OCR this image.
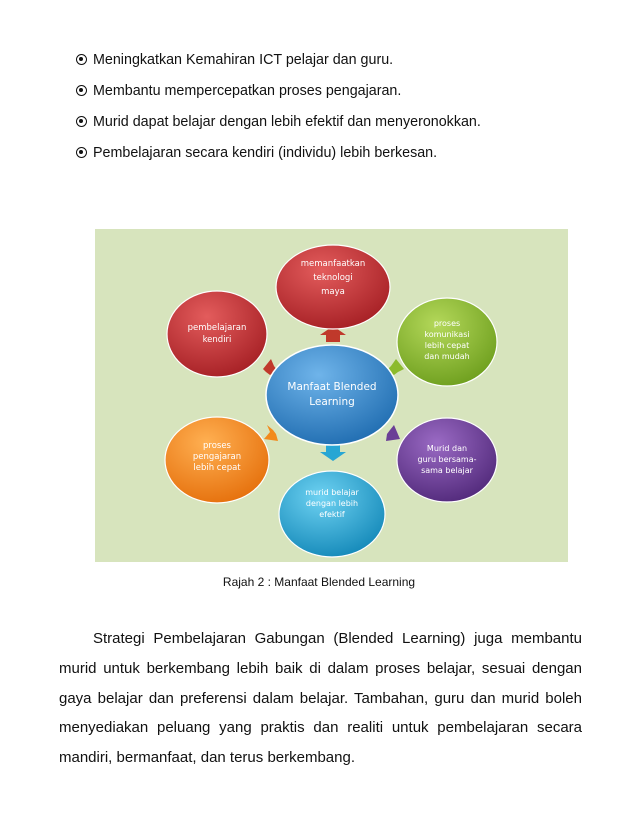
Meningkatkan Kemahiran ICT pelajar dan guru.
Membantu mempercepatkan proses pengajaran.
Murid dapat belajar dengan lebih efektif dan menyeronokkan.
Pembelajaran secara kendiri (individu) lebih berkesan.
Manfaat Blended
Learning
memanfaatkan
teknologi
maya
proses
komunikasi
lebih cepat
dan mudah
Murid dan
guru bersama-
sama belajar
murid belajar
dengan lebih
efektif
proses
pengajaran
lebih cepat
pembelajaran
kendiri
Rajah 2 : Manfaat Blended Learning
Strategi Pembelajaran Gabungan (Blended Learning) juga membantu murid untuk berkembang lebih baik di dalam proses belajar, sesuai dengan gaya belajar dan preferensi dalam belajar. Tambahan, guru dan murid boleh menyediakan peluang yang praktis dan realiti untuk pembelajaran secara mandiri, bermanfaat, dan terus berkembang.
